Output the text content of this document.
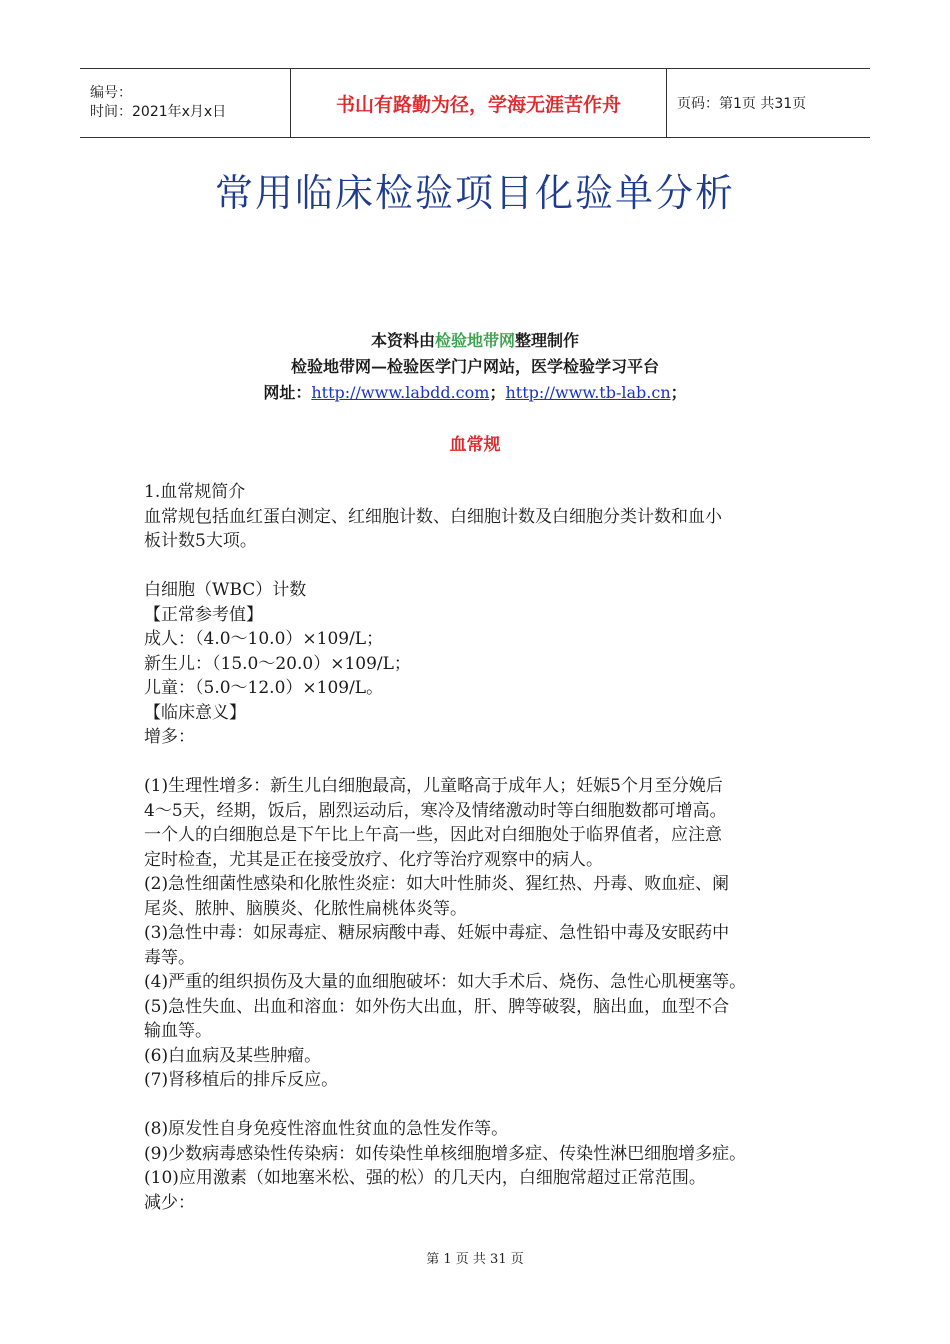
编号：
时间：2021年x月x日	书山有路勤为径，学海无涯苦作舟	页码：第1页 共31页
常用临床检验项目化验单分析
本资料由检验地带网整理制作
检验地带网—检验医学门户网站，医学检验学习平台
网址：http://www.labdd.com；http://www.tb-lab.cn；
血常规

1.血常规简介

血常规包括血红蛋白测定、红细胞计数、白细胞计数及白细胞分类计数和血小

板计数5大项。

白细胞（WBC）计数

【正常参考值】

成人：（4.0～10.0）×109/L；

新生儿：（15.0～20.0）×109/L；

儿童：（5.0～12.0）×109/L。

【临床意义】

增多：

(1)生理性增多：新生儿白细胞最高，儿童略高于成年人；妊娠5个月至分娩后

4～5天，经期，饭后，剧烈运动后，寒冷及情绪激动时等白细胞数都可增高。

一个人的白细胞总是下午比上午高一些，因此对白细胞处于临界值者，应注意

定时检查，尤其是正在接受放疗、化疗等治疗观察中的病人。

(2)急性细菌性感染和化脓性炎症：如大叶性肺炎、猩红热、丹毒、败血症、阑

尾炎、脓肿、脑膜炎、化脓性扁桃体炎等。

(3)急性中毒：如尿毒症、糖尿病酸中毒、妊娠中毒症、急性铅中毒及安眠药中

毒等。

(4)严重的组织损伤及大量的血细胞破坏：如大手术后、烧伤、急性心肌梗塞等。

(5)急性失血、出血和溶血：如外伤大出血，肝、脾等破裂，脑出血，血型不合

输血等。

(6)白血病及某些肿瘤。

(7)肾移植后的排斥反应。

(8)原发性自身免疫性溶血性贫血的急性发作等。

(9)少数病毒感染性传染病：如传染性单核细胞增多症、传染性淋巴细胞增多症。

(10)应用激素（如地塞米松、强的松）的几天内，白细胞常超过正常范围。

减少：

第 1 页 共 31 页
